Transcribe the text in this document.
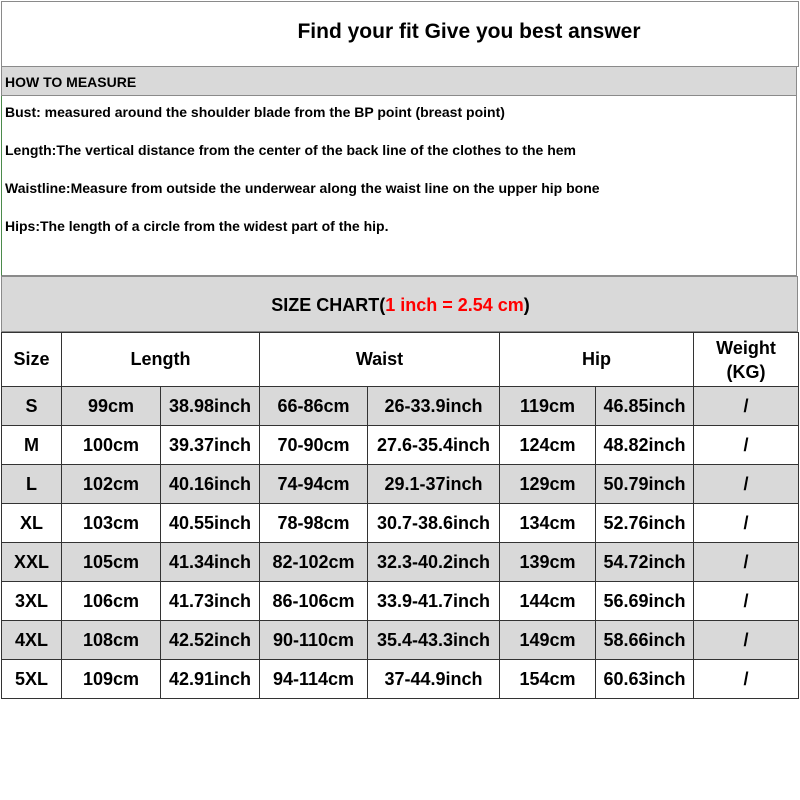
Find your fit Give you best answer
HOW TO MEASURE
Bust: measured around the shoulder blade from the BP point (breast point)
Length:The vertical distance from the center of the back line of the clothes to the hem
Waistline:Measure from outside the underwear along the waist line on the upper hip bone
Hips:The length of a circle from the widest part of the hip.
SIZE CHART(1 inch = 2.54 cm)
Size	Length		Waist		Hip		Weight
(KG)
S	99cm	38.98inch	66-86cm	26-33.9inch	119cm	46.85inch	/
M	100cm	39.37inch	70-90cm	27.6-35.4inch	124cm	48.82inch	/
L	102cm	40.16inch	74-94cm	29.1-37inch	129cm	50.79inch	/
XL	103cm	40.55inch	78-98cm	30.7-38.6inch	134cm	52.76inch	/
XXL	105cm	41.34inch	82-102cm	32.3-40.2inch	139cm	54.72inch	/
3XL	106cm	41.73inch	86-106cm	33.9-41.7inch	144cm	56.69inch	/
4XL	108cm	42.52inch	90-110cm	35.4-43.3inch	149cm	58.66inch	/
5XL	109cm	42.91inch	94-114cm	37-44.9inch	154cm	60.63inch	/
